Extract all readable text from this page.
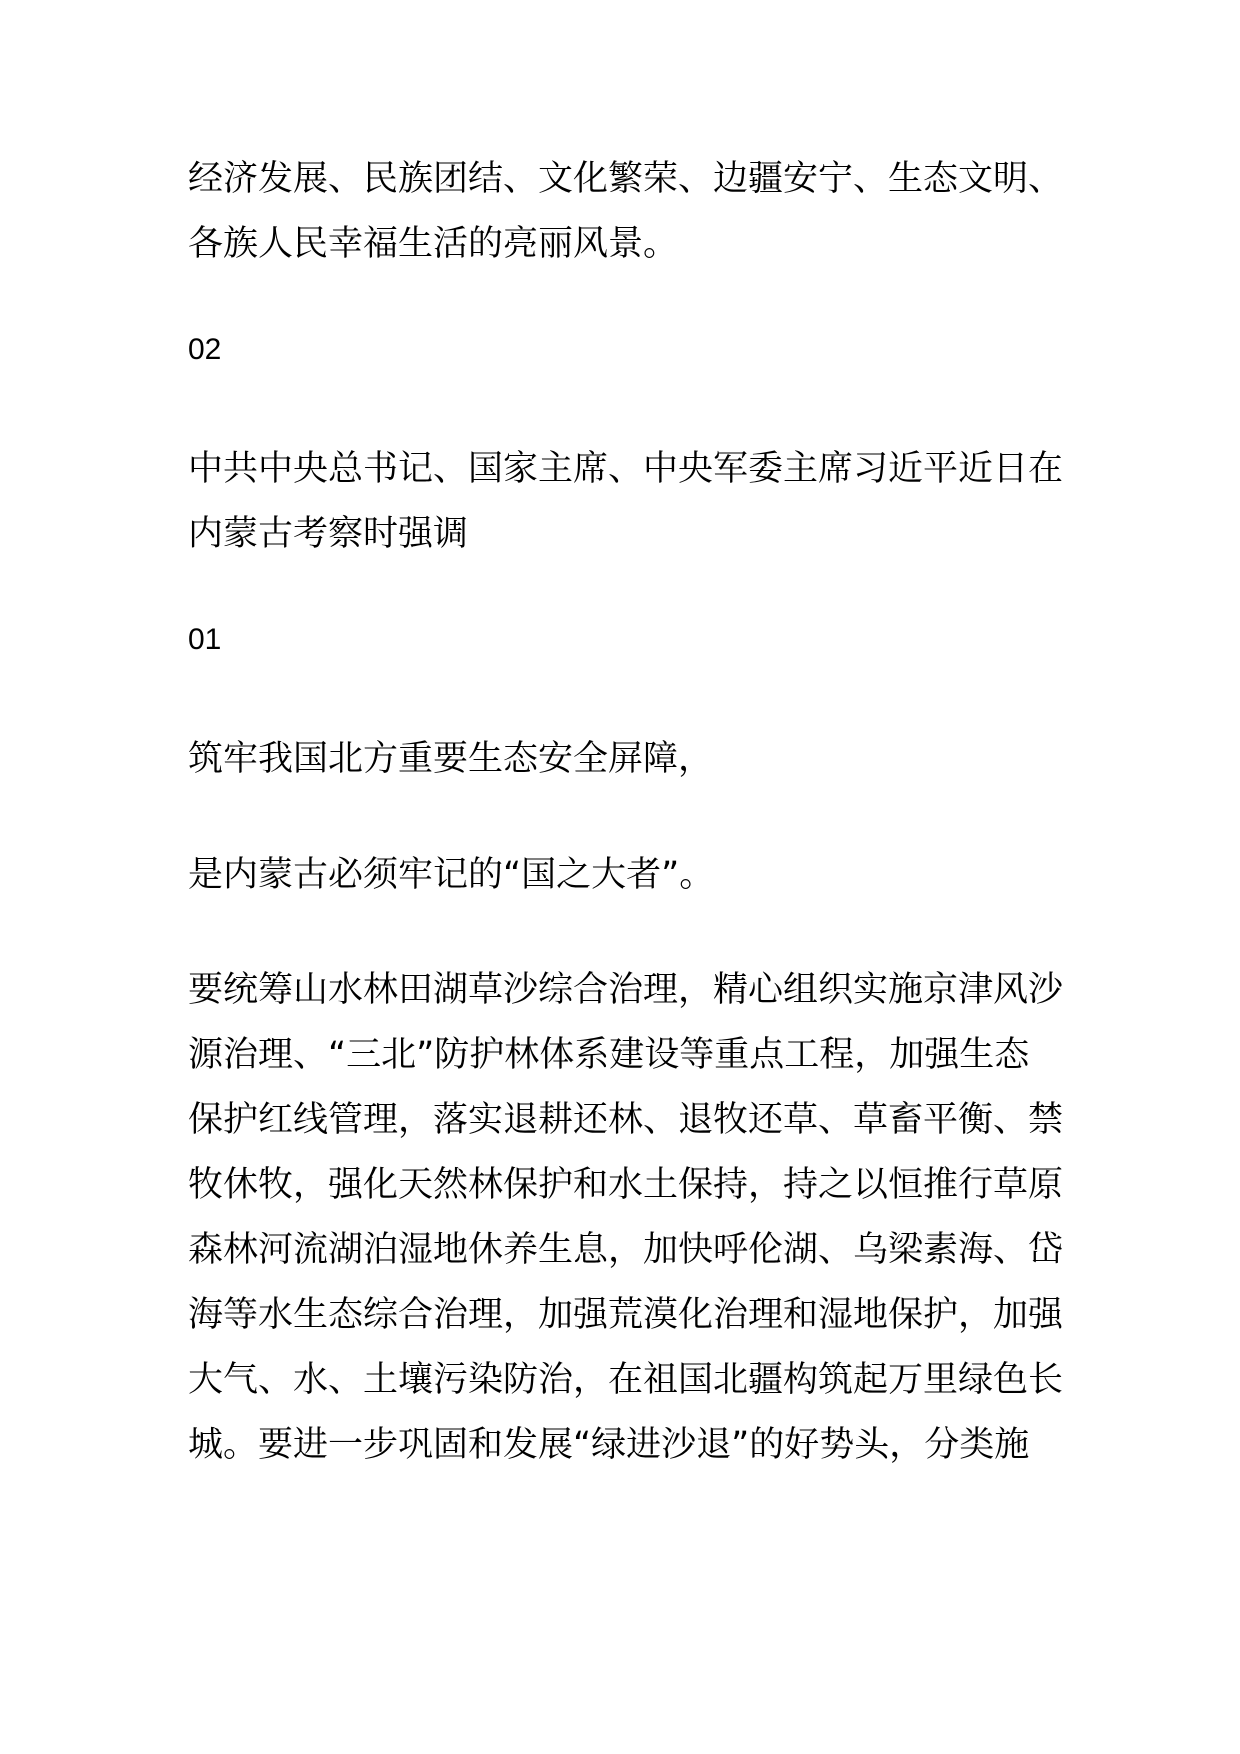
经济发展、民族团结、文化繁荣、边疆安宁、生态文明、
各族人民幸福生活的亮丽风景。

02

中共中央总书记、国家主席、中央军委主席习近平近日在
内蒙古考察时强调

01

筑牢我国北方重要生态安全屏障，

是内蒙古必须牢记的“国之大者”。

要统筹山水林田湖草沙综合治理，精心组织实施京津风沙
源治理、“三北”防护林体系建设等重点工程，加强生态
保护红线管理，落实退耕还林、退牧还草、草畜平衡、禁
牧休牧，强化天然林保护和水土保持，持之以恒推行草原
森林河流湖泊湿地休养生息，加快呼伦湖、乌梁素海、岱
海等水生态综合治理，加强荒漠化治理和湿地保护，加强
大气、水、土壤污染防治，在祖国北疆构筑起万里绿色长
城。要进一步巩固和发展“绿进沙退”的好势头，分类施
